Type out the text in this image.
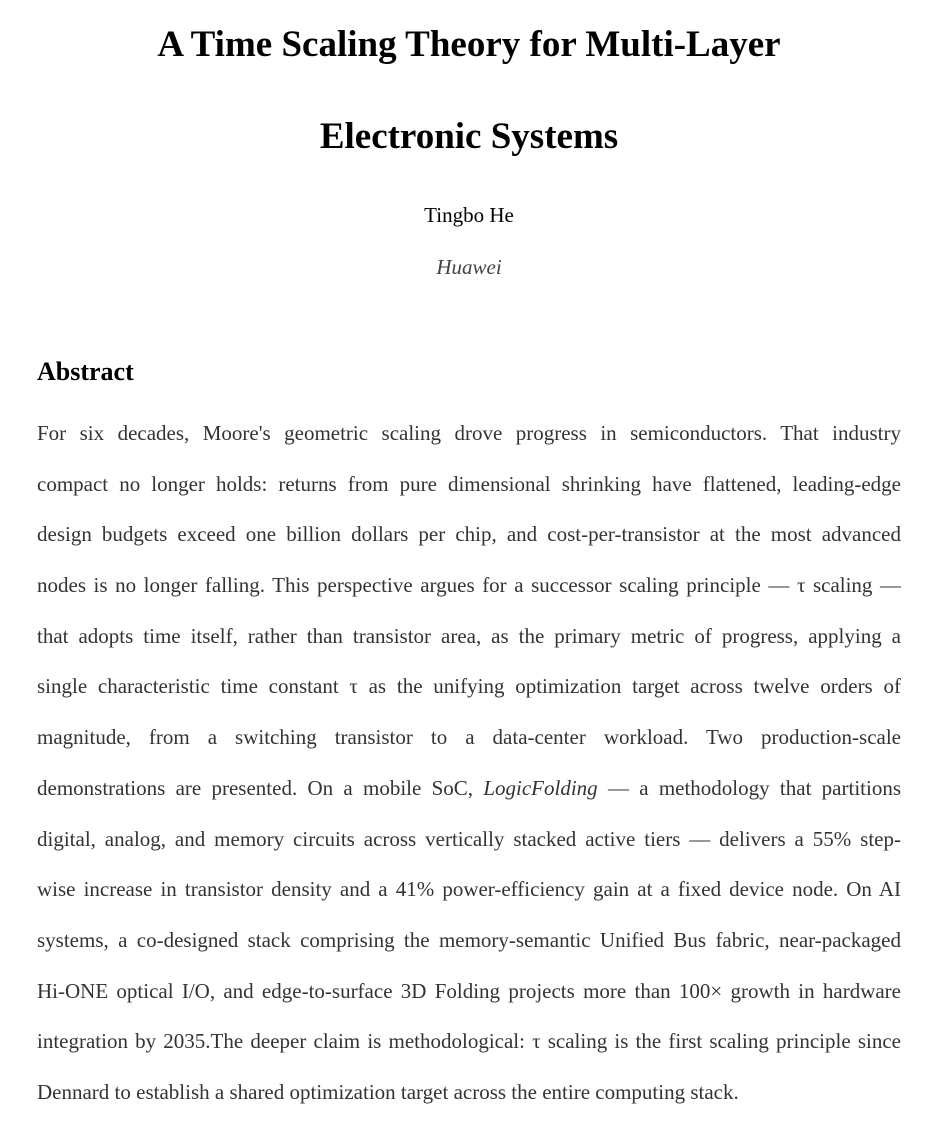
A Time Scaling Theory for Multi-Layer
Electronic Systems
Tingbo He
Huawei
Abstract
For six decades, Moore's geometric scaling drove progress in semiconductors. That industry
compact no longer holds: returns from pure dimensional shrinking have flattened, leading-edge
design budgets exceed one billion dollars per chip, and cost-per-transistor at the most advanced
nodes is no longer falling. This perspective argues for a successor scaling principle — τ scaling —
that adopts time itself, rather than transistor area, as the primary metric of progress, applying a
single characteristic time constant τ as the unifying optimization target across twelve orders of
magnitude, from a switching transistor to a data-center workload. Two production-scale
demonstrations are presented. On a mobile SoC, LogicFolding — a methodology that partitions
digital, analog, and memory circuits across vertically stacked active tiers — delivers a 55% step-
wise increase in transistor density and a 41% power-efficiency gain at a fixed device node. On AI
systems, a co-designed stack comprising the memory-semantic Unified Bus fabric, near-packaged
Hi-ONE optical I/O, and edge-to-surface 3D Folding projects more than 100× growth in hardware
integration by 2035.The deeper claim is methodological: τ scaling is the first scaling principle since
Dennard to establish a shared optimization target across the entire computing stack.
